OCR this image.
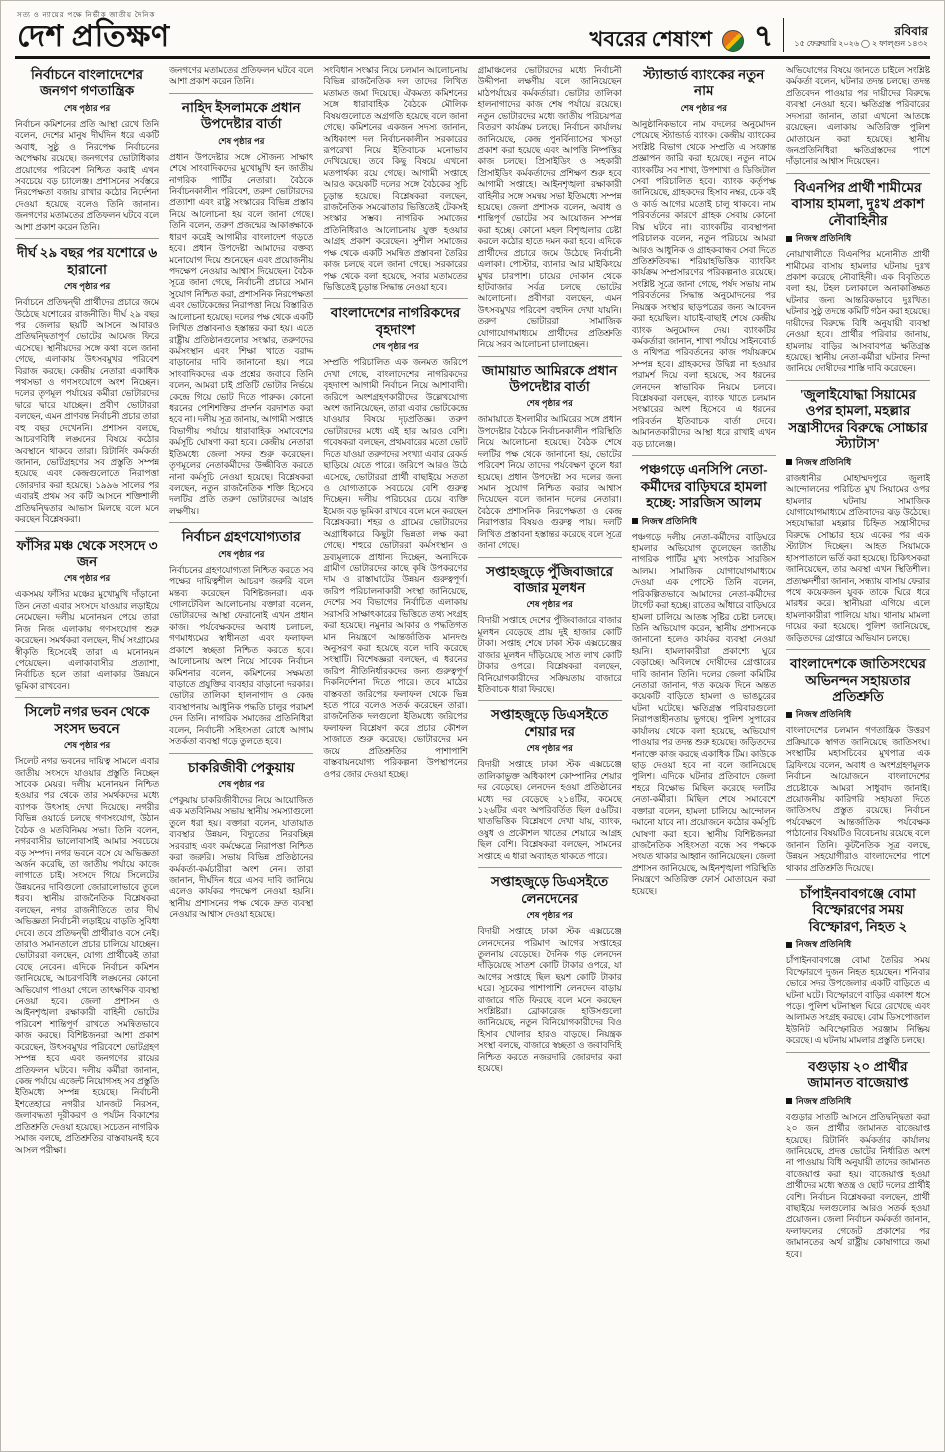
সত্য ও ন্যায়ের পক্ষে নির্ভীক জাতীয় দৈনিক
দেশ প্রতিক্ষণ	খবরের শেষাংশ ৭	রবিবার
১৫ ফেব্রুয়ারি ২০২৬ ◯ ২ ফাল্গুন ১৪৩২
নির্বাচনে বাংলাদেশের জনগণ গণতান্ত্রিক
শেষ পৃষ্ঠার পর

নির্বাচন কমিশনের প্রতি আস্থা রেখে তিনি বলেন, দেশের মানুষ দীর্ঘদিন ধরে একটি অবাধ, সুষ্ঠু ও নিরপেক্ষ নির্বাচনের অপেক্ষায় রয়েছে। জনগণের ভোটাধিকার প্রয়োগের পরিবেশ নিশ্চিত করাই এখন সবচেয়ে বড় চ্যালেঞ্জ। প্রশাসনের সর্বস্তরে নিরপেক্ষতা বজায় রাখার কঠোর নির্দেশনা দেওয়া হয়েছে বলেও তিনি জানান। জনগণের মতামতের প্রতিফলন ঘটবে বলে আশা প্রকাশ করেন তিনি।

দীর্ঘ ২৯ বছর পর যশোরে ৬ হারানো
শেষ পৃষ্ঠার পর

নির্বাচনে প্রতিদ্বন্দ্বী প্রার্থীদের প্রচারে জমে উঠেছে যশোরের রাজনীতি। দীর্ঘ ২৯ বছর পর জেলার ছয়টি আসনে আবারও প্রতিদ্বন্দ্বিতাপূর্ণ ভোটের আমেজ ফিরে এসেছে। স্থানীয়দের সঙ্গে কথা বলে জানা গেছে, এলাকায় উৎসবমুখর পরিবেশ বিরাজ করছে। কেন্দ্রীয় নেতারা একাধিক পথসভা ও গণসংযোগে অংশ নিচ্ছেন। দলের তৃণমূল পর্যায়ের কর্মীরা ভোটারদের দ্বারে দ্বারে যাচ্ছেন। প্রবীণ ভোটাররা বলছেন, এমন প্রাণবন্ত নির্বাচনী প্রচার তারা বহু বছর দেখেননি। প্রশাসন বলছে, আচরণবিধি লঙ্ঘনের বিষয়ে কঠোর অবস্থানে থাকবে তারা। রিটার্নিং কর্মকর্তা জানান, ভোটগ্রহণের সব প্রস্তুতি সম্পন্ন হয়েছে এবং কেন্দ্রগুলোতে নিরাপত্তা জোরদার করা হয়েছে। ১৯৯৬ সালের পর এবারই প্রথম সব কটি আসনে শক্তিশালী প্রতিদ্বন্দ্বিতার আভাস মিলছে বলে মনে করছেন বিশ্লেষকরা।

ফাঁসির মঞ্চ থেকে সংসদে ৩ জন
শেষ পৃষ্ঠার পর

একসময় ফাঁসির মঞ্চের মুখোমুখি দাঁড়ানো তিন নেতা এবার সংসদে যাওয়ার লড়াইয়ে নেমেছেন। দলীয় মনোনয়ন পেয়ে তারা নিজ নিজ এলাকায় গণসংযোগ শুরু করেছেন। সমর্থকরা বলছেন, দীর্ঘ সংগ্রামের স্বীকৃতি হিসেবেই তারা এ মনোনয়ন পেয়েছেন। এলাকাবাসীর প্রত্যাশা, নির্বাচিত হলে তারা এলাকার উন্নয়নে ভূমিকা রাখবেন।

সিলেট নগর ভবন থেকে সংসদ ভবনে
শেষ পৃষ্ঠার পর

সিলেট নগর ভবনের দায়িত্ব সামলে এবার জাতীয় সংসদে যাওয়ার প্রস্তুতি নিচ্ছেন সাবেক মেয়র। দলীয় মনোনয়ন নিশ্চিত হওয়ার পর থেকে তার সমর্থকদের মধ্যে ব্যাপক উৎসাহ দেখা দিয়েছে। নগরীর বিভিন্ন ওয়ার্ডে চলছে গণসংযোগ, উঠান বৈঠক ও মতবিনিময় সভা। তিনি বলেন, নগরবাসীর ভালোবাসাই আমার সবচেয়ে বড় সম্পদ। নগর ভবনে বসে যে অভিজ্ঞতা অর্জন করেছি, তা জাতীয় পর্যায়ে কাজে লাগাতে চাই। সংসদে গিয়ে সিলেটের উন্নয়নের দাবিগুলো জোরালোভাবে তুলে ধরব। স্থানীয় রাজনৈতিক বিশ্লেষকরা বলছেন, নগর রাজনীতিতে তার দীর্ঘ অভিজ্ঞতা নির্বাচনী লড়াইয়ে বাড়তি সুবিধা দেবে। তবে প্রতিদ্বন্দ্বী প্রার্থীরাও বসে নেই। তারাও সমানতালে প্রচার চালিয়ে যাচ্ছেন। ভোটাররা বলছেন, যোগ্য প্রার্থীকেই তারা বেছে নেবেন। এদিকে নির্বাচন কমিশন জানিয়েছে, আচরণবিধি লঙ্ঘনের কোনো অভিযোগ পাওয়া গেলে তাৎক্ষণিক ব্যবস্থা নেওয়া হবে। জেলা প্রশাসন ও আইনশৃঙ্খলা রক্ষাকারী বাহিনী ভোটের পরিবেশ শান্তিপূর্ণ রাখতে সমন্বিতভাবে কাজ করছে। বিশিষ্টজনরা আশা প্রকাশ করেছেন, উৎসবমুখর পরিবেশে ভোটগ্রহণ সম্পন্ন হবে এবং জনগণের রায়ের প্রতিফলন ঘটবে। দলীয় কর্মীরা জানান, কেন্দ্র পর্যায়ে এজেন্ট নিয়োগসহ সব প্রস্তুতি ইতিমধ্যে সম্পন্ন হয়েছে। নির্বাচনী ইশতেহারে নগরীর যানজট নিরসন, জলাবদ্ধতা দূরীকরণ ও পর্যটন বিকাশের প্রতিশ্রুতি দেওয়া হয়েছে। সচেতন নাগরিক সমাজ বলছে, প্রতিশ্রুতির বাস্তবায়নই হবে আসল পরীক্ষা।

জনগণের মতামতের প্রতিফলন ঘটবে বলে আশা প্রকাশ করেন তিনি।

নাহিদ ইসলামকে প্রধান উপদেষ্টার বার্তা
শেষ পৃষ্ঠার পর

প্রধান উপদেষ্টার সঙ্গে সৌজন্য সাক্ষাৎ শেষে সাংবাদিকদের মুখোমুখি হন জাতীয় নাগরিক পার্টির নেতারা। বৈঠকে নির্বাচনকালীন পরিবেশ, তরুণ ভোটারদের প্রত্যাশা এবং রাষ্ট্র সংস্কারের বিভিন্ন প্রস্তাব নিয়ে আলোচনা হয় বলে জানা গেছে। তিনি বলেন, তরুণ প্রজন্মের আকাঙ্ক্ষাকে ধারণ করেই আগামীর বাংলাদেশ গড়তে হবে। প্রধান উপদেষ্টা আমাদের বক্তব্য মনোযোগ দিয়ে শুনেছেন এবং প্রয়োজনীয় পদক্ষেপ নেওয়ার আশ্বাস দিয়েছেন। বৈঠক সূত্রে জানা গেছে, নির্বাচনী প্রচারে সমান সুযোগ নিশ্চিত করা, প্রশাসনিক নিরপেক্ষতা এবং ভোটকেন্দ্রের নিরাপত্তা নিয়ে বিস্তারিত আলোচনা হয়েছে। দলের পক্ষ থেকে একটি লিখিত প্রস্তাবনাও হস্তান্তর করা হয়। এতে রাষ্ট্রীয় প্রতিষ্ঠানগুলোর সংস্কার, তরুণদের কর্মসংস্থান এবং শিক্ষা খাতে বরাদ্দ বাড়ানোর দাবি জানানো হয়। পরে সাংবাদিকদের এক প্রশ্নের জবাবে তিনি বলেন, আমরা চাই প্রতিটি ভোটার নির্ভয়ে কেন্দ্রে গিয়ে ভোট দিতে পারুক। কোনো ধরনের পেশিশক্তির প্রদর্শন বরদাশত করা হবে না। দলীয় সূত্র জানায়, আগামী সপ্তাহে বিভাগীয় পর্যায়ে ধারাবাহিক সমাবেশের কর্মসূচি ঘোষণা করা হবে। কেন্দ্রীয় নেতারা ইতিমধ্যে জেলা সফর শুরু করেছেন। তৃণমূলের নেতাকর্মীদের উজ্জীবিত করতে নানা কর্মসূচি নেওয়া হয়েছে। বিশ্লেষকরা বলছেন, নতুন রাজনৈতিক শক্তি হিসেবে দলটির প্রতি তরুণ ভোটারদের আগ্রহ লক্ষণীয়।

নির্বাচন গ্রহণযোগ্যতার
শেষ পৃষ্ঠার পর

নির্বাচনের গ্রহণযোগ্যতা নিশ্চিত করতে সব পক্ষের দায়িত্বশীল আচরণ জরুরি বলে মন্তব্য করেছেন বিশিষ্টজনরা। এক গোলটেবিল আলোচনায় বক্তারা বলেন, ভোটারদের আস্থা ফেরানোই এখন প্রধান কাজ। পর্যবেক্ষকদের অবাধ চলাচল, গণমাধ্যমের স্বাধীনতা এবং ফলাফল প্রকাশে স্বচ্ছতা নিশ্চিত করতে হবে। আলোচনায় অংশ নিয়ে সাবেক নির্বাচন কমিশনার বলেন, কমিশনের সক্ষমতা বাড়াতে প্রযুক্তির ব্যবহার বাড়ানো দরকার। ভোটার তালিকা হালনাগাদ ও কেন্দ্র ব্যবস্থাপনায় আধুনিক পদ্ধতি চালুর পরামর্শ দেন তিনি। নাগরিক সমাজের প্রতিনিধিরা বলেন, নির্বাচনী সহিংসতা রোধে আগাম সতর্কতা ব্যবস্থা গড়ে তুলতে হবে।

চাকরিজীবী পেকুয়ায়
শেষ পৃষ্ঠার পর

পেকুয়ায় চাকরিজীবীদের নিয়ে আয়োজিত এক মতবিনিময় সভায় স্থানীয় সমস্যাগুলো তুলে ধরা হয়। বক্তারা বলেন, যাতায়াত ব্যবস্থার উন্নয়ন, বিদ্যুতের নিরবচ্ছিন্ন সরবরাহ এবং কর্মক্ষেত্রে নিরাপত্তা নিশ্চিত করা জরুরি। সভায় বিভিন্ন প্রতিষ্ঠানের কর্মকর্তা-কর্মচারীরা অংশ নেন। তারা জানান, দীর্ঘদিন ধরে এসব দাবি জানিয়ে এলেও কার্যকর পদক্ষেপ নেওয়া হয়নি। স্থানীয় প্রশাসনের পক্ষ থেকে দ্রুত ব্যবস্থা নেওয়ার আশ্বাস দেওয়া হয়েছে।

সংবিধান সংস্কার নিয়ে চলমান আলোচনায় বিভিন্ন রাজনৈতিক দল তাদের লিখিত মতামত জমা দিয়েছে। ঐকমত্য কমিশনের সঙ্গে ধারাবাহিক বৈঠকে মৌলিক বিষয়গুলোতে অগ্রগতি হয়েছে বলে জানা গেছে। কমিশনের একজন সদস্য জানান, অধিকাংশ দল নির্বাচনকালীন সরকারের রূপরেখা নিয়ে ইতিবাচক মনোভাব দেখিয়েছে। তবে কিছু বিষয়ে এখনো মতপার্থক্য রয়ে গেছে। আগামী সপ্তাহে আরও কয়েকটি দলের সঙ্গে বৈঠকের সূচি চূড়ান্ত হয়েছে। বিশ্লেষকরা বলছেন, রাজনৈতিক সমঝোতার ভিত্তিতেই টেকসই সংস্কার সম্ভব। নাগরিক সমাজের প্রতিনিধিরাও আলোচনায় যুক্ত হওয়ার আগ্রহ প্রকাশ করেছেন। সুশীল সমাজের পক্ষ থেকে একটি সমন্বিত প্রস্তাবনা তৈরির কাজ চলছে বলে জানা গেছে। সরকারের পক্ষ থেকে বলা হয়েছে, সবার মতামতের ভিত্তিতেই চূড়ান্ত সিদ্ধান্ত নেওয়া হবে।

বাংলাদেশের নাগরিকদের বৃহদাংশ
শেষ পৃষ্ঠার পর

সম্প্রতি পরিচালিত এক জনমত জরিপে দেখা গেছে, বাংলাদেশের নাগরিকদের বৃহদাংশ আগামী নির্বাচন নিয়ে আশাবাদী। জরিপে অংশগ্রহণকারীদের উল্লেখযোগ্য অংশ জানিয়েছেন, তারা এবার ভোটকেন্দ্রে যাওয়ার বিষয়ে দৃঢ়প্রতিজ্ঞ। তরুণ ভোটারদের মধ্যে এই হার আরও বেশি। গবেষকরা বলছেন, প্রথমবারের মতো ভোট দিতে যাওয়া তরুণদের সংখ্যা এবার রেকর্ড ছাড়িয়ে যেতে পারে। জরিপে আরও উঠে এসেছে, ভোটাররা প্রার্থী বাছাইয়ে সততা ও যোগ্যতাকে সবচেয়ে বেশি গুরুত্ব দিচ্ছেন। দলীয় পরিচয়ের চেয়ে ব্যক্তি ইমেজ বড় ভূমিকা রাখবে বলে মনে করছেন বিশ্লেষকরা। শহর ও গ্রামের ভোটারদের অগ্রাধিকারে কিছুটা ভিন্নতা লক্ষ করা গেছে। শহুরে ভোটাররা কর্মসংস্থান ও দ্রব্যমূল্যকে প্রাধান্য দিচ্ছেন, অন্যদিকে গ্রামীণ ভোটারদের কাছে কৃষি উপকরণের দাম ও রাস্তাঘাটের উন্নয়ন গুরুত্বপূর্ণ। জরিপ পরিচালনাকারী সংস্থা জানিয়েছে, দেশের সব বিভাগের নির্বাচিত এলাকায় সরাসরি সাক্ষাৎকারের ভিত্তিতে তথ্য সংগ্রহ করা হয়েছে। নমুনার আকার ও পদ্ধতিগত মান নিয়ন্ত্রণে আন্তর্জাতিক মানদণ্ড অনুসরণ করা হয়েছে বলে দাবি করেছে সংস্থাটি। বিশেষজ্ঞরা বলছেন, এ ধরনের জরিপ নীতিনির্ধারকদের জন্য গুরুত্বপূর্ণ দিকনির্দেশনা দিতে পারে। তবে মাঠের বাস্তবতা জরিপের ফলাফল থেকে ভিন্ন হতে পারে বলেও সতর্ক করেছেন তারা। রাজনৈতিক দলগুলো ইতিমধ্যে জরিপের ফলাফল বিশ্লেষণ করে প্রচার কৌশল সাজাতে শুরু করেছে। ভোটারদের মন জয়ে প্রতিশ্রুতির পাশাপাশি বাস্তবায়নযোগ্য পরিকল্পনা উপস্থাপনের ওপর জোর দেওয়া হচ্ছে।

গ্রামাঞ্চলের ভোটারদের মধ্যে নির্বাচনী উদ্দীপনা লক্ষণীয় বলে জানিয়েছেন মাঠপর্যায়ের কর্মকর্তারা। ভোটার তালিকা হালনাগাদের কাজ শেষ পর্যায়ে রয়েছে। নতুন ভোটারদের মধ্যে জাতীয় পরিচয়পত্র বিতরণ কার্যক্রম চলছে। নির্বাচন কার্যালয় জানিয়েছে, কেন্দ্র পুনর্বিন্যাসের খসড়া প্রকাশ করা হয়েছে এবং আপত্তি নিষ্পত্তির কাজ চলছে। প্রিসাইডিং ও সহকারী প্রিসাইডিং কর্মকর্তাদের প্রশিক্ষণ শুরু হবে আগামী সপ্তাহে। আইনশৃঙ্খলা রক্ষাকারী বাহিনীর সঙ্গে সমন্বয় সভা ইতিমধ্যে সম্পন্ন হয়েছে। জেলা প্রশাসক বলেন, অবাধ ও শান্তিপূর্ণ ভোটের সব আয়োজন সম্পন্ন করা হচ্ছে। কোনো মহল বিশৃঙ্খলার চেষ্টা করলে কঠোর হাতে দমন করা হবে। এদিকে প্রার্থীদের প্রচারে জমে উঠেছে নির্বাচনী এলাকা। পোস্টার, ব্যানার আর মাইকিংয়ে মুখর চারপাশ। চায়ের দোকান থেকে হাটবাজার সর্বত্র চলছে ভোটের আলোচনা। প্রবীণরা বলছেন, এমন উৎসবমুখর পরিবেশ বহুদিন দেখা যায়নি। তরুণ ভোটাররা সামাজিক যোগাযোগমাধ্যমে প্রার্থীদের প্রতিশ্রুতি নিয়ে সরব আলোচনা চালাচ্ছেন।

জামায়াত আমিরকে প্রধান উপদেষ্টার বার্তা
শেষ পৃষ্ঠার পর

জামায়াতে ইসলামীর আমিরের সঙ্গে প্রধান উপদেষ্টার বৈঠকে নির্বাচনকালীন পরিস্থিতি নিয়ে আলোচনা হয়েছে। বৈঠক শেষে দলটির পক্ষ থেকে জানানো হয়, ভোটের পরিবেশ নিয়ে তাদের পর্যবেক্ষণ তুলে ধরা হয়েছে। প্রধান উপদেষ্টা সব দলের জন্য সমান সুযোগ নিশ্চিত করার আশ্বাস দিয়েছেন বলে জানান দলের নেতারা। বৈঠকে প্রশাসনিক নিরপেক্ষতা ও কেন্দ্র নিরাপত্তার বিষয়ও গুরুত্ব পায়। দলটি লিখিত প্রস্তাবনা হস্তান্তর করেছে বলে সূত্রে জানা গেছে।

সপ্তাহজুড়ে পুঁজিবাজারে বাজার মূলধন
শেষ পৃষ্ঠার পর

বিদায়ী সপ্তাহে দেশের পুঁজিবাজারে বাজার মূলধন বেড়েছে প্রায় দুই হাজার কোটি টাকা। সপ্তাহ শেষে ঢাকা স্টক এক্সচেঞ্জের বাজার মূলধন দাঁড়িয়েছে সাত লাখ কোটি টাকার ওপরে। বিশ্লেষকরা বলছেন, বিনিয়োগকারীদের সক্রিয়তায় বাজারে ইতিবাচক ধারা ফিরছে।

সপ্তাহজুড়ে ডিএসইতে শেয়ার দর
শেষ পৃষ্ঠার পর

বিদায়ী সপ্তাহে ঢাকা স্টক এক্সচেঞ্জে তালিকাভুক্ত অধিকাংশ কোম্পানির শেয়ার দর বেড়েছে। লেনদেন হওয়া প্রতিষ্ঠানের মধ্যে দর বেড়েছে ২১৪টির, কমেছে ১২৬টির এবং অপরিবর্তিত ছিল ৫৬টির। খাতভিত্তিক বিশ্লেষণে দেখা যায়, ব্যাংক, ওষুধ ও প্রকৌশল খাতের শেয়ারে আগ্রহ ছিল বেশি। বিশ্লেষকরা বলছেন, সামনের সপ্তাহে এ ধারা অব্যাহত থাকতে পারে।

সপ্তাহজুড়ে ডিএসইতে লেনদেনের
শেষ পৃষ্ঠার পর

বিদায়ী সপ্তাহে ঢাকা স্টক এক্সচেঞ্জে লেনদেনের পরিমাণ আগের সপ্তাহের তুলনায় বেড়েছে। দৈনিক গড় লেনদেন দাঁড়িয়েছে সাতশ কোটি টাকার ওপরে, যা আগের সপ্তাহে ছিল ছয়শ কোটি টাকার ঘরে। সূচকের পাশাপাশি লেনদেন বাড়ায় বাজারে গতি ফিরছে বলে মনে করছেন সংশ্লিষ্টরা। ব্রোকারেজ হাউসগুলো জানিয়েছে, নতুন বিনিয়োগকারীদের বিও হিসাব খোলার হারও বাড়ছে। নিয়ন্ত্রক সংস্থা বলছে, বাজারে স্বচ্ছতা ও জবাবদিহি নিশ্চিত করতে নজরদারি জোরদার করা হয়েছে।

স্ট্যান্ডার্ড ব্যাংকের নতুন নাম
শেষ পৃষ্ঠার পর

আনুষ্ঠানিকভাবে নাম বদলের অনুমোদন পেয়েছে স্ট্যান্ডার্ড ব্যাংক। কেন্দ্রীয় ব্যাংকের সংশ্লিষ্ট বিভাগ থেকে সম্প্রতি এ সংক্রান্ত প্রজ্ঞাপন জারি করা হয়েছে। নতুন নামে ব্যাংকটির সব শাখা, উপশাখা ও ডিজিটাল সেবা পরিচালিত হবে। ব্যাংক কর্তৃপক্ষ জানিয়েছে, গ্রাহকদের হিসাব নম্বর, চেক বই ও কার্ড আগের মতোই চালু থাকবে। নাম পরিবর্তনের কারণে গ্রাহক সেবায় কোনো বিঘ্ন ঘটবে না। ব্যাংকটির ব্যবস্থাপনা পরিচালক বলেন, নতুন পরিচয়ে আমরা আরও আধুনিক ও গ্রাহকবান্ধব সেবা দিতে প্রতিশ্রুতিবদ্ধ। শরিয়াহভিত্তিক ব্যাংকিং কার্যক্রম সম্প্রসারণের পরিকল্পনাও রয়েছে। সংশ্লিষ্ট সূত্রে জানা গেছে, পর্ষদ সভায় নাম পরিবর্তনের সিদ্ধান্ত অনুমোদনের পর নিয়ন্ত্রক সংস্থার ছাড়পত্রের জন্য আবেদন করা হয়েছিল। যাচাই-বাছাই শেষে কেন্দ্রীয় ব্যাংক অনুমোদন দেয়। ব্যাংকটির কর্মকর্তারা জানান, শাখা পর্যায়ে সাইনবোর্ড ও নথিপত্র পরিবর্তনের কাজ পর্যায়ক্রমে সম্পন্ন হবে। গ্রাহকদের উদ্বিগ্ন না হওয়ার পরামর্শ দিয়ে বলা হয়েছে, সব ধরনের লেনদেন স্বাভাবিক নিয়মে চলবে। বিশ্লেষকরা বলছেন, ব্যাংক খাতে চলমান সংস্কারের অংশ হিসেবে এ ধরনের পরিবর্তন ইতিবাচক বার্তা দেবে। আমানতকারীদের আস্থা ধরে রাখাই এখন বড় চ্যালেঞ্জ।

পঞ্চগড়ে এনসিপি নেতা-কর্মীদের বাড়িঘরে হামলা হচ্ছে: সারজিস আলম
নিজস্ব প্রতিনিধি

পঞ্চগড়ে দলীয় নেতা-কর্মীদের বাড়িঘরে হামলার অভিযোগ তুলেছেন জাতীয় নাগরিক পার্টির মুখ্য সংগঠক সারজিস আলম। সামাজিক যোগাযোগমাধ্যমে দেওয়া এক পোস্টে তিনি বলেন, পরিকল্পিতভাবে আমাদের নেতা-কর্মীদের টার্গেট করা হচ্ছে। রাতের আঁধারে বাড়িঘরে হামলা চালিয়ে আতঙ্ক সৃষ্টির চেষ্টা চলছে। তিনি অভিযোগ করেন, স্থানীয় প্রশাসনকে জানানো হলেও কার্যকর ব্যবস্থা নেওয়া হয়নি। হামলাকারীরা প্রকাশ্যে ঘুরে বেড়াচ্ছে। অবিলম্বে দোষীদের গ্রেপ্তারের দাবি জানান তিনি। দলের জেলা কমিটির নেতারা জানান, গত কয়েক দিনে অন্তত কয়েকটি বাড়িতে হামলা ও ভাঙচুরের ঘটনা ঘটেছে। ক্ষতিগ্রস্ত পরিবারগুলো নিরাপত্তাহীনতায় ভুগছে। পুলিশ সুপারের কার্যালয় থেকে বলা হয়েছে, অভিযোগ পাওয়ার পর তদন্ত শুরু হয়েছে। জড়িতদের শনাক্তে কাজ করছে একাধিক টিম। কাউকে ছাড় দেওয়া হবে না বলে জানিয়েছে পুলিশ। এদিকে ঘটনার প্রতিবাদে জেলা শহরে বিক্ষোভ মিছিল করেছে দলটির নেতা-কর্মীরা। মিছিল শেষে সমাবেশে বক্তারা বলেন, হামলা চালিয়ে আন্দোলন দমানো যাবে না। প্রয়োজনে কঠোর কর্মসূচি ঘোষণা করা হবে। স্থানীয় বিশিষ্টজনরা রাজনৈতিক সহিংসতা বন্ধে সব পক্ষকে সংযত থাকার আহ্বান জানিয়েছেন। জেলা প্রশাসন জানিয়েছে, আইনশৃঙ্খলা পরিস্থিতি নিয়ন্ত্রণে অতিরিক্ত ফোর্স মোতায়েন করা হয়েছে।

অভিযোগের বিষয়ে জানতে চাইলে সংশ্লিষ্ট কর্মকর্তা বলেন, ঘটনার তদন্ত চলছে। তদন্ত প্রতিবেদন পাওয়ার পর দায়ীদের বিরুদ্ধে ব্যবস্থা নেওয়া হবে। ক্ষতিগ্রস্ত পরিবারের সদস্যরা জানান, তারা এখনো আতঙ্কে রয়েছেন। এলাকায় অতিরিক্ত পুলিশ মোতায়েন করা হয়েছে। স্থানীয় জনপ্রতিনিধিরা ক্ষতিগ্রস্তদের পাশে দাঁড়ানোর আশ্বাস দিয়েছেন।

বিএনপির প্রার্থী শামীমের বাসায় হামলা, দুঃখ প্রকাশ নৌবাহিনীর
নিজস্ব প্রতিনিধি

নোয়াখালীতে বিএনপির মনোনীত প্রার্থী শামীমের বাসায় হামলার ঘটনায় দুঃখ প্রকাশ করেছে নৌবাহিনী। এক বিবৃতিতে বলা হয়, টহল চলাকালে অনাকাঙ্ক্ষিত ঘটনার জন্য আন্তরিকভাবে দুঃখিত। ঘটনার সুষ্ঠু তদন্তে কমিটি গঠন করা হয়েছে। দায়ীদের বিরুদ্ধে বিধি অনুযায়ী ব্যবস্থা নেওয়া হবে। প্রার্থীর পরিবার জানায়, হামলায় বাড়ির আসবাবপত্র ক্ষতিগ্রস্ত হয়েছে। স্থানীয় নেতা-কর্মীরা ঘটনার নিন্দা জানিয়ে দোষীদের শাস্তি দাবি করেছেন।

'জুলাইযোদ্ধা সিয়ামের ওপর হামলা, মহল্লার সন্ত্রাসীদের বিরুদ্ধে সোচ্চার স্ট্যাটাস'
নিজস্ব প্রতিনিধি

রাজধানীর মোহাম্মদপুরে জুলাই আন্দোলনের পরিচিত মুখ সিয়ামের ওপর হামলার ঘটনায় সামাজিক যোগাযোগমাধ্যমে প্রতিবাদের ঝড় উঠেছে। সহযোদ্ধারা মহল্লার চিহ্নিত সন্ত্রাসীদের বিরুদ্ধে সোচ্চার হয়ে একের পর এক স্ট্যাটাস দিচ্ছেন। আহত সিয়ামকে হাসপাতালে ভর্তি করা হয়েছে। চিকিৎসকরা জানিয়েছেন, তার অবস্থা এখন স্থিতিশীল। প্রত্যক্ষদর্শীরা জানান, সন্ধ্যায় বাসায় ফেরার পথে কয়েকজন যুবক তাকে ঘিরে ধরে মারধর করে। স্থানীয়রা এগিয়ে এলে হামলাকারীরা পালিয়ে যায়। থানায় মামলা দায়ের করা হয়েছে। পুলিশ জানিয়েছে, জড়িতদের গ্রেপ্তারে অভিযান চলছে।

বাংলাদেশকে জাতিসংঘের অভিনন্দন সহায়তার প্রতিশ্রুতি
নিজস্ব প্রতিনিধি

বাংলাদেশের চলমান গণতান্ত্রিক উত্তরণ প্রক্রিয়াকে স্বাগত জানিয়েছে জাতিসংঘ। সংস্থাটির মহাসচিবের মুখপাত্র এক ব্রিফিংয়ে বলেন, অবাধ ও অংশগ্রহণমূলক নির্বাচন আয়োজনে বাংলাদেশের প্রচেষ্টাকে আমরা সাধুবাদ জানাই। প্রয়োজনীয় কারিগরি সহায়তা দিতে জাতিসংঘ প্রস্তুত রয়েছে। নির্বাচন পর্যবেক্ষণে আন্তর্জাতিক পর্যবেক্ষক পাঠানোর বিষয়টিও বিবেচনায় রয়েছে বলে জানান তিনি। কূটনৈতিক সূত্র বলছে, উন্নয়ন সহযোগীরাও বাংলাদেশের পাশে থাকার প্রতিশ্রুতি দিয়েছে।

চাঁপাইনবাবগঞ্জে বোমা বিস্ফোরণের সময় বিস্ফোরণ, নিহত ২
নিজস্ব প্রতিনিধি

চাঁপাইনবাবগঞ্জে বোমা তৈরির সময় বিস্ফোরণে দুজন নিহত হয়েছেন। শনিবার ভোরে সদর উপজেলার একটি বাড়িতে এ ঘটনা ঘটে। বিস্ফোরণে বাড়ির একাংশ ধসে পড়ে। পুলিশ ঘটনাস্থল ঘিরে রেখেছে এবং আলামত সংগ্রহ করছে। বোম ডিসপোজাল ইউনিট অবিস্ফোরিত সরঞ্জাম নিষ্ক্রিয় করেছে। এ ঘটনায় মামলার প্রস্তুতি চলছে।

বগুড়ায় ২০ প্রার্থীর জামানত বাজেয়াপ্ত
নিজস্ব প্রতিনিধি

বগুড়ার সাতটি আসনে প্রতিদ্বন্দ্বিতা করা ২০ জন প্রার্থীর জামানত বাজেয়াপ্ত হয়েছে। রিটার্নিং কর্মকর্তার কার্যালয় জানিয়েছে, প্রদত্ত ভোটের নির্ধারিত অংশ না পাওয়ায় বিধি অনুযায়ী তাদের জামানত বাজেয়াপ্ত করা হয়। বাজেয়াপ্ত হওয়া প্রার্থীদের মধ্যে স্বতন্ত্র ও ছোট দলের প্রার্থীই বেশি। নির্বাচন বিশ্লেষকরা বলছেন, প্রার্থী বাছাইয়ে দলগুলোর আরও সতর্ক হওয়া প্রয়োজন। জেলা নির্বাচন কর্মকর্তা জানান, ফলাফলের গেজেট প্রকাশের পর জামানতের অর্থ রাষ্ট্রীয় কোষাগারে জমা হবে।
